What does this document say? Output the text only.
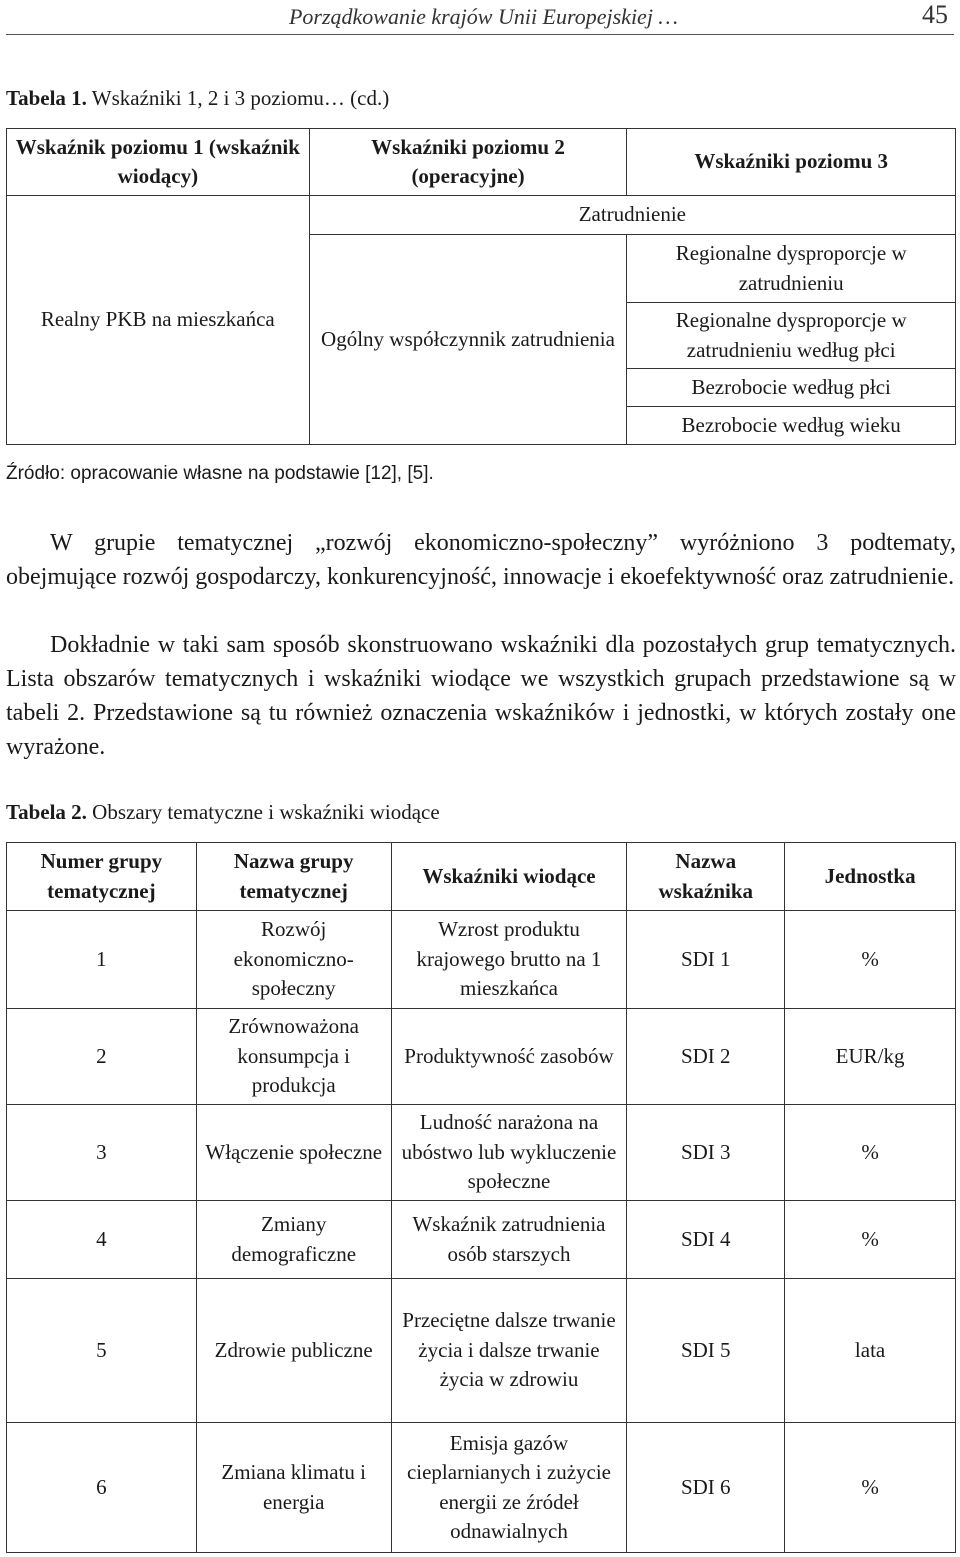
Porządkowanie krajów Unii Europejskiej …	45
Tabela 1. Wskaźniki 1, 2 i 3 poziomu… (cd.)
Wskaźnik poziomu 1 (wskaźnik wiodący)	Wskaźniki poziomu 2 (operacyjne)	Wskaźniki poziomu 3
Realny PKB na mieszkańca	Zatrudnienie	
	Ogólny współczynnik zatrudnienia	Regionalne dysproporcje w zatrudnieniu
		Regionalne dysproporcje w zatrudnieniu według płci
		Bezrobocie według płci
		Bezrobocie według wieku
Źródło: opracowanie własne na podstawie [12], [5].

W grupie tematycznej „rozwój ekonomiczno-społeczny” wyróżniono 3 podtematy, obejmujące rozwój gospodarczy, konkurencyjność, innowacje i ekoefektywność oraz zatrudnienie.

Dokładnie w taki sam sposób skonstruowano wskaźniki dla pozostałych grup tematycznych. Lista obszarów tematycznych i wskaźniki wiodące we wszystkich grupach przedstawione są w tabeli 2. Przedstawione są tu również oznaczenia wskaźników i jednostki, w których zostały one wyrażone.

Tabela 2. Obszary tematyczne i wskaźniki wiodące
Numer grupy tematycznej	Nazwa grupy tematycznej	Wskaźniki wiodące	Nazwa wskaźnika	Jednostka
1	Rozwój ekonomiczno-społeczny	Wzrost produktu krajowego brutto na 1 mieszkańca	SDI 1	%
2	Zrównoważona konsumpcja i produkcja	Produktywność zasobów	SDI 2	EUR/kg
3	Włączenie społeczne	Ludność narażona na ubóstwo lub wykluczenie społeczne	SDI 3	%
4	Zmiany demograficzne	Wskaźnik zatrudnienia osób starszych	SDI 4	%
5	Zdrowie publiczne	Przeciętne dalsze trwanie życia i dalsze trwanie życia w zdrowiu	SDI 5	lata
6	Zmiana klimatu i energia	Emisja gazów cieplarnianych i zużycie energii ze źródeł odnawialnych	SDI 6	%
